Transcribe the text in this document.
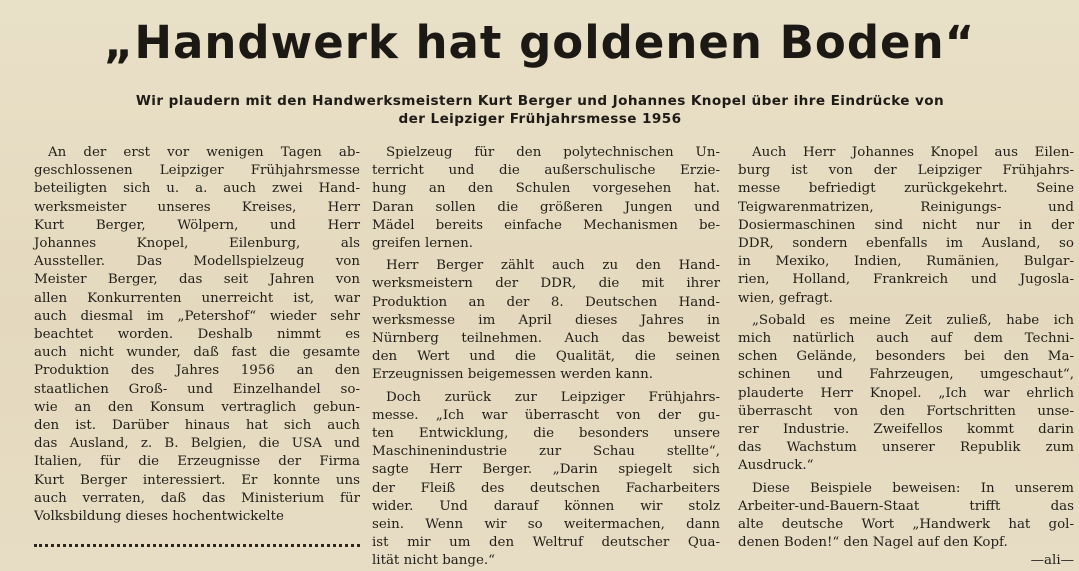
„Handwerk hat goldenen Boden“
Wir plaudern mit den Handwerksmeistern Kurt Berger und Johannes Knopel über ihre Eindrücke von
der Leipziger Frühjahrsmesse 1956

An der erst vor wenigen Tagen ab-

geschlossenen Leipziger Frühjahrsmesse

beteiligten sich u. a. auch zwei Hand-

werksmeister unseres Kreises, Herr

Kurt Berger, Wölpern, und Herr

Johannes Knopel, Eilenburg, als

Aussteller. Das Modellspielzeug von

Meister Berger, das seit Jahren von

allen Konkurrenten unerreicht ist, war

auch diesmal im „Petershof“ wieder sehr

beachtet worden. Deshalb nimmt es

auch nicht wunder, daß fast die gesamte

Produktion des Jahres 1956 an den

staatlichen Groß- und Einzelhandel so-

wie an den Konsum vertraglich gebun-

den ist. Darüber hinaus hat sich auch

das Ausland, z. B. Belgien, die USA und

Italien, für die Erzeugnisse der Firma

Kurt Berger interessiert. Er konnte uns

auch verraten, daß das Ministerium für

Volksbildung dieses hochentwickelte

Spielzeug für den polytechnischen Un-

terricht und die außerschulische Erzie-

hung an den Schulen vorgesehen hat.

Daran sollen die größeren Jungen und

Mädel bereits einfache Mechanismen be-

greifen lernen.

Herr Berger zählt auch zu den Hand-

werksmeistern der DDR, die mit ihrer

Produktion an der 8. Deutschen Hand-

werksmesse im April dieses Jahres in

Nürnberg teilnehmen. Auch das beweist

den Wert und die Qualität, die seinen

Erzeugnissen beigemessen werden kann.

Doch zurück zur Leipziger Frühjahrs-

messe. „Ich war überrascht von der gu-

ten Entwicklung, die besonders unsere

Maschinenindustrie zur Schau stellte“,

sagte Herr Berger. „Darin spiegelt sich

der Fleiß des deutschen Facharbeiters

wider. Und darauf können wir stolz

sein. Wenn wir so weitermachen, dann

ist mir um den Weltruf deutscher Qua-

lität nicht bange.“

Auch Herr Johannes Knopel aus Eilen-

burg ist von der Leipziger Frühjahrs-

messe befriedigt zurückgekehrt. Seine

Teigwarenmatrizen, Reinigungs- und

Dosiermaschinen sind nicht nur in der

DDR, sondern ebenfalls im Ausland, so

in Mexiko, Indien, Rumänien, Bulgar-

rien, Holland, Frankreich und Jugosla-

wien, gefragt.

„Sobald es meine Zeit zuließ, habe ich

mich natürlich auch auf dem Techni-

schen Gelände, besonders bei den Ma-

schinen und Fahrzeugen, umgeschaut“,

plauderte Herr Knopel. „Ich war ehrlich

überrascht von den Fortschritten unse-

rer Industrie. Zweifellos kommt darin

das Wachstum unserer Republik zum

Ausdruck.“

Diese Beispiele beweisen: In unserem

Arbeiter-und-Bauern-Staat trifft das

alte deutsche Wort „Handwerk hat gol-

denen Boden!“ den Nagel auf den Kopf.

—ali—
